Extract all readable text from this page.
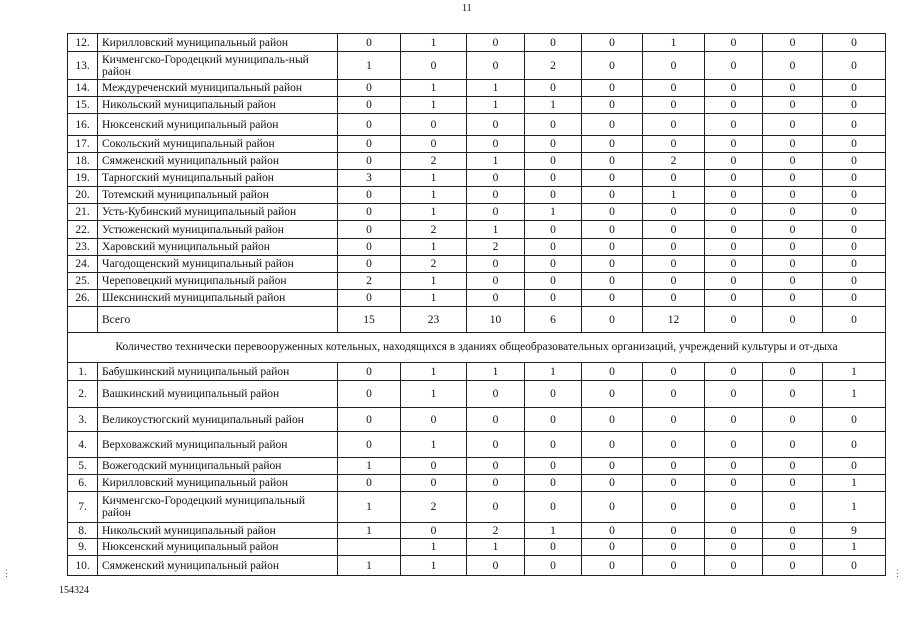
11
12.	Кирилловский муниципальный район	0	1	0	0	0	1	0	0	0
13.	Кичменгско-Городецкий муниципаль-ный район	1	0	0	2	0	0	0	0	0
14.	Междуреченский муниципальный район	0	1	1	0	0	0	0	0	0
15.	Никольский муниципальный район	0	1	1	1	0	0	0	0	0
16.	Нюксенский муниципальный район	0	0	0	0	0	0	0	0	0
17.	Сокольский муниципальный район	0	0	0	0	0	0	0	0	0
18.	Сямженский муниципальный район	0	2	1	0	0	2	0	0	0
19.	Тарногский муниципальный район	3	1	0	0	0	0	0	0	0
20.	Тотемский муниципальный район	0	1	0	0	0	1	0	0	0
21.	Усть-Кубинский муниципальный район	0	1	0	1	0	0	0	0	0
22.	Устюженский муниципальный район	0	2	1	0	0	0	0	0	0
23.	Харовский муниципальный район	0	1	2	0	0	0	0	0	0
24.	Чагодощенский муниципальный район	0	2	0	0	0	0	0	0	0
25.	Череповецкий муниципальный район	2	1	0	0	0	0	0	0	0
26.	Шекснинский муниципальный район	0	1	0	0	0	0	0	0	0
	Всего	15	23	10	6	0	12	0	0	0
Количество технически перевооруженных котельных, находящихся в зданиях общеобразовательных организаций, учреждений культуры и от-дыха										
1.	Бабушкинский муниципальный район	0	1	1	1	0	0	0	0	1
2.	Вашкинский муниципальный район	0	1	0	0	0	0	0	0	1
3.	Великоустюгский муниципальный район	0	0	0	0	0	0	0	0	0
4.	Верховажский муниципальный район	0	1	0	0	0	0	0	0	0
5.	Вожегодский муниципальный район	1	0	0	0	0	0	0	0	0
6.	Кирилловский муниципальный район	0	0	0	0	0	0	0	0	1
7.	Кичменгско-Городецкий муниципальный район	1	2	0	0	0	0	0	0	1
8.	Никольский муниципальный район	1	0	2	1	0	0	0	0	9
9.	Нюксенский муниципальный район		1	1	0	0	0	0	0	1
10.	Сямженский муниципальный район	1	1	0	0	0	0	0	0	0
154324
⋮	⋮
